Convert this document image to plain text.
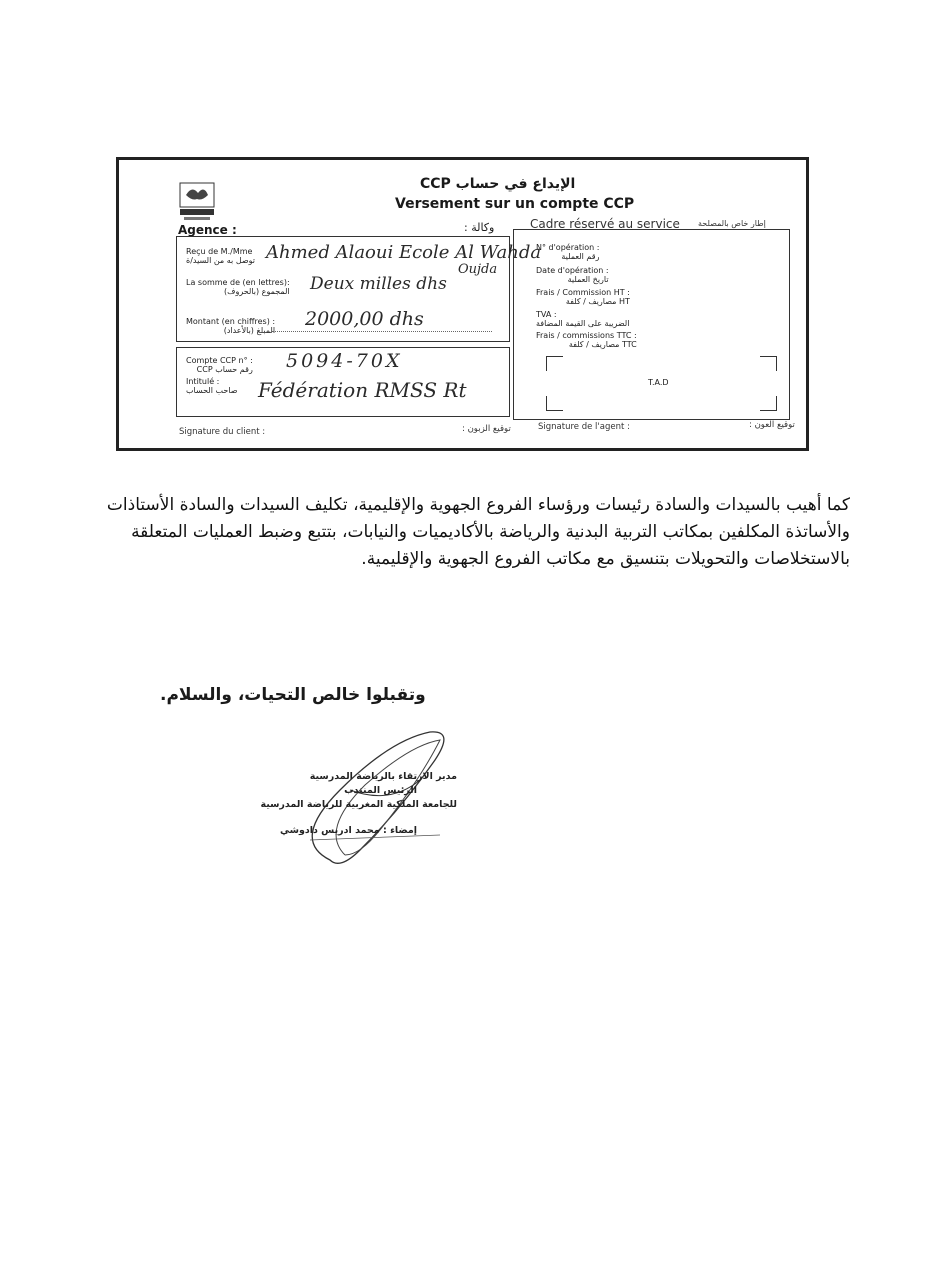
الإيداع في حساب CCP
Versement sur un compte CCP
Agence :	وكالة :	Cadre réservé au service إطار خاص بالمصلحة
Reçu de M./Mme
توصل به من السيد/ة Ahmed Alaoui Ecole Al Wahda
Oujda
La somme de (en lettres):
المجموع (بالحروف) Deux milles dhs
Montant (en chiffres) :
المبلغ (بالأعداد)
2000,00 dhs
Compte CCP n° :
رقم حساب CCP 5094-70X
Intitulé :
صاحب الحساب Fédération RMSS Rt
N° d'opération :
رقم العملية
Date d'opération :
تاريخ العملية
Frais / Commission HT :
HT مصاريف / كلفة
TVA :
الضريبة على القيمة المضافة
Frais / commissions TTC :
TTC مصاريف / كلفة
T.A.D
Signature du client :	توقيع الزبون :	Signature de l'agent :	توقيع العون :
كما أهيب بالسيدات والسادة رئيسات ورؤساء الفروع الجهوية والإقليمية، تكليف السيدات والسادة الأستاذات والأساتذة المكلفين بمكاتب التربية البدنية والرياضة بالأكاديميات والنيابات، بتتبع وضبط العمليات المتعلقة بالاستخلاصات والتحويلات بتنسيق مع مكاتب الفروع الجهوية والإقليمية.
وتقبلوا خالص التحيات، والسلام.
مدير الارتقاء بالرياضة المدرسية
الرئيس المنتدب
للجامعة الملكية المغربية للرياضة المدرسية
إمضاء : محمد ادريس دادوشي
